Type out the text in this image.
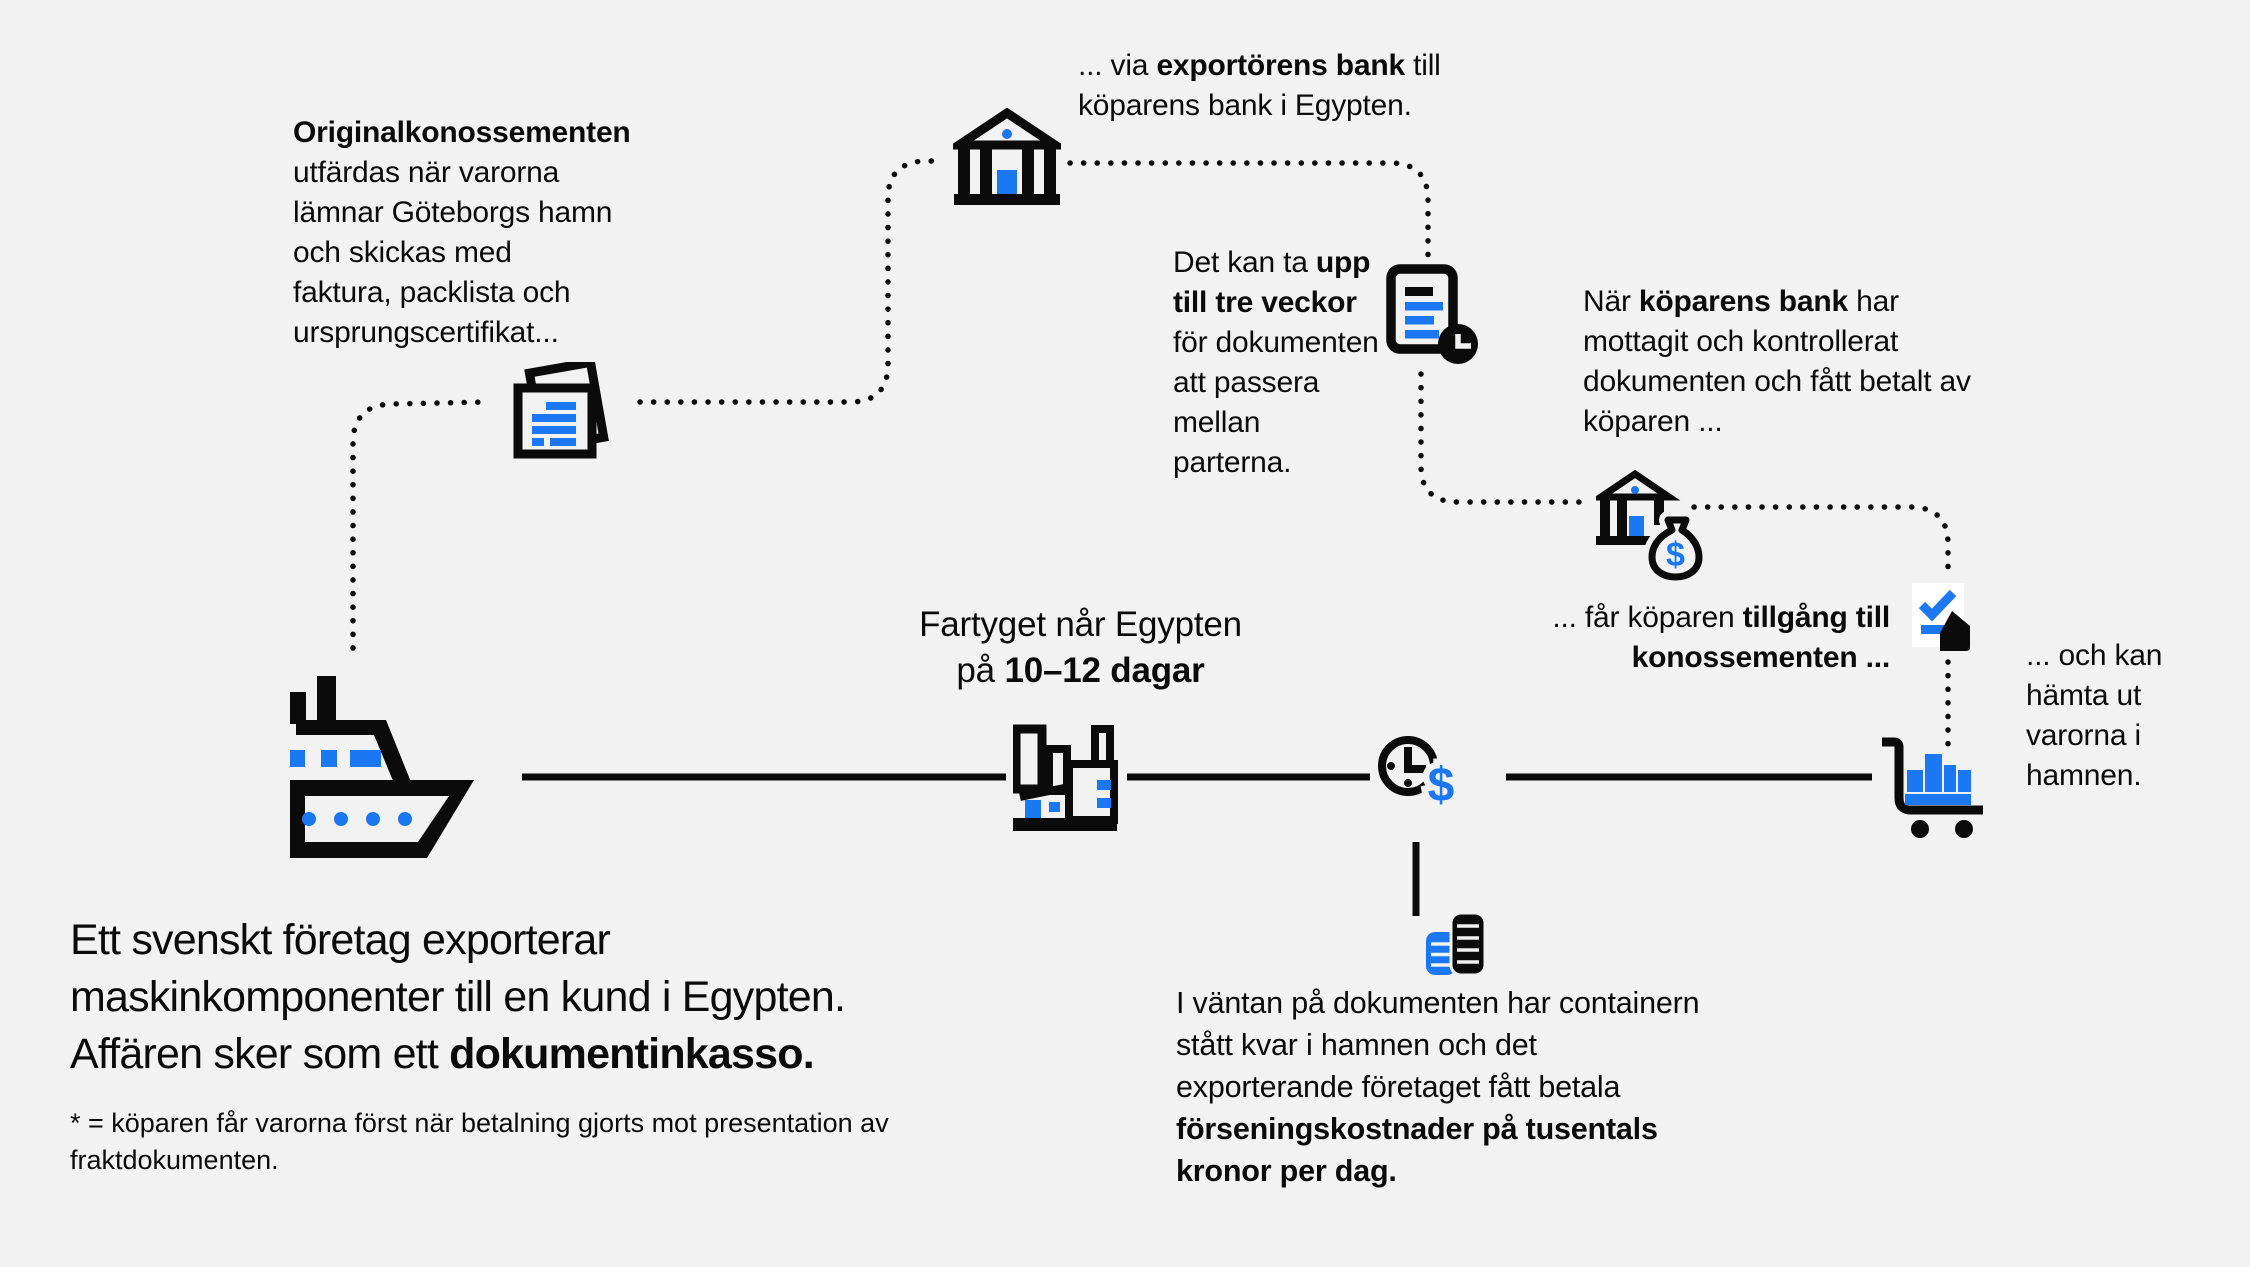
Originalkonossementen utfärdas när varorna lämnar Göteborgs hamn och skickas med faktura, packlista och ursprungscertifikat...
... via exportörens bank till köparens bank i Egypten.
Det kan ta upp till tre veckor för dokumenten att passera mellan parterna.
När köparens bank har mottagit och kontrollerat dokumenten och fått betalt av köparen ...
... får köparen tillgång till konossementen ...	... och kan hämta ut varorna i hamnen.
Fartyget når Egypten
på 10–12 dagar
Ett svenskt företag exporterar
maskinkomponenter till en kund i Egypten.
Affären sker som ett dokumentinkasso.
* = köparen får varorna först när betalning gjorts mot presentation av fraktdokumenten.
I väntan på dokumenten har containern stått kvar i hamnen och det exporterande företaget fått betala förseningskostnader på tusentals kronor per dag.
$
$
